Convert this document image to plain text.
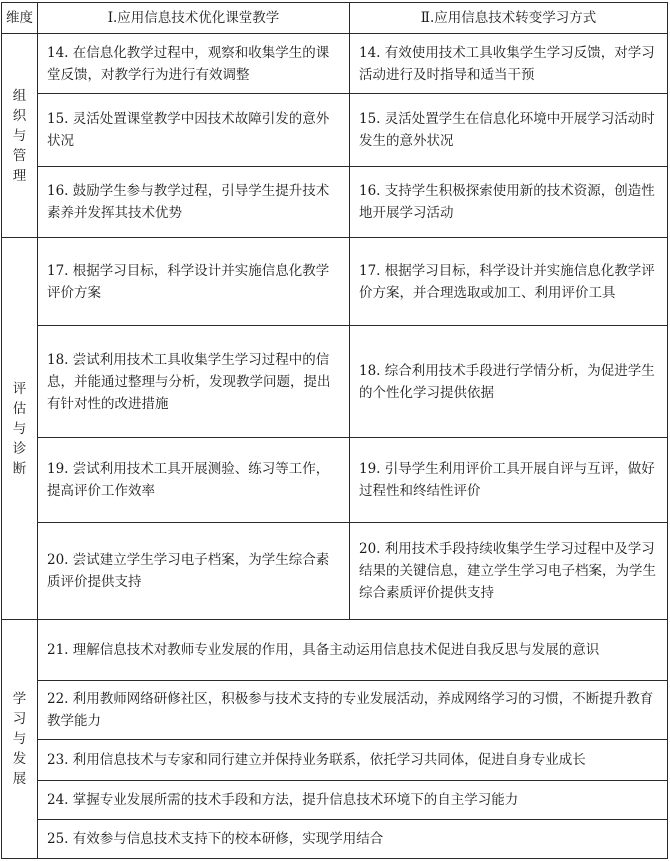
维度	Ⅰ.应用信息技术优化课堂教学	Ⅱ.应用信息技术转变学习方式
组织与管理	14. 在信息化教学过程中，观察和收集学生的课堂反馈，对教学行为进行有效调整	14. 有效使用技术工具收集学生学习反馈，对学习活动进行及时指导和适当干预
	15. 灵活处置课堂教学中因技术故障引发的意外状况	15. 灵活处置学生在信息化环境中开展学习活动时发生的意外状况
	16. 鼓励学生参与教学过程，引导学生提升技术素养并发挥其技术优势	16. 支持学生积极探索使用新的技术资源，创造性地开展学习活动
评估与诊断	17. 根据学习目标，科学设计并实施信息化教学评价方案	17. 根据学习目标，科学设计并实施信息化教学评价方案，并合理选取或加工、利用评价工具
	18. 尝试利用技术工具收集学生学习过程中的信息，并能通过整理与分析，发现教学问题，提出有针对性的改进措施	18. 综合利用技术手段进行学情分析，为促进学生的个性化学习提供依据
	19. 尝试利用技术工具开展测验、练习等工作，提高评价工作效率	19. 引导学生利用评价工具开展自评与互评，做好过程性和终结性评价
	20. 尝试建立学生学习电子档案，为学生综合素质评价提供支持	20. 利用技术手段持续收集学生学习过程中及学习结果的关键信息，建立学生学习电子档案，为学生综合素质评价提供支持
学习与发展	21. 理解信息技术对教师专业发展的作用，具备主动运用信息技术促进自我反思与发展的意识	
	22. 利用教师网络研修社区，积极参与技术支持的专业发展活动，养成网络学习的习惯，不断提升教育教学能力	
	23. 利用信息技术与专家和同行建立并保持业务联系，依托学习共同体，促进自身专业成长	
	24. 掌握专业发展所需的技术手段和方法，提升信息技术环境下的自主学习能力	
	25. 有效参与信息技术支持下的校本研修，实现学用结合	
